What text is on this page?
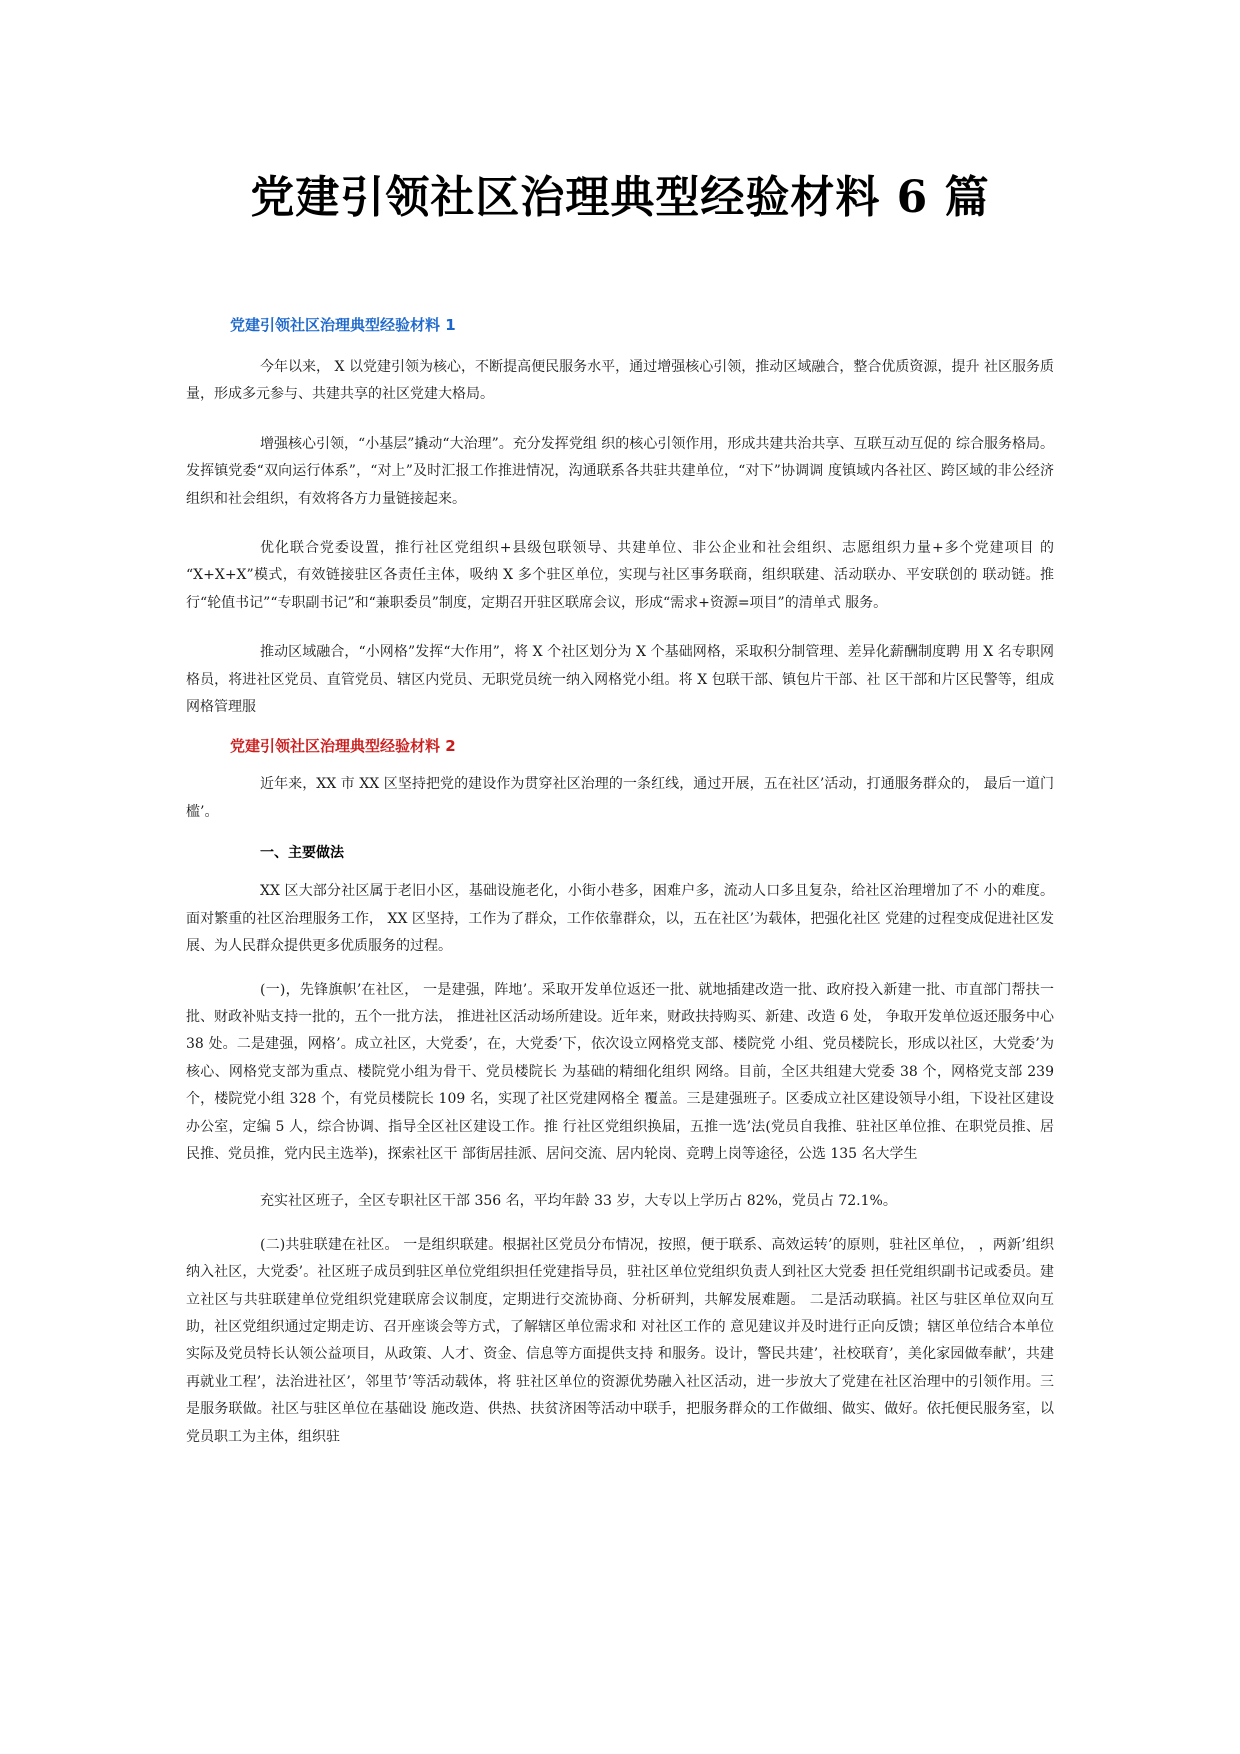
党建引领社区治理典型经验材料 6 篇
党建引领社区治理典型经验材料 1

今年以来， X 以党建引领为核心，不断提高便民服务水平，通过增强核心引领，推动区域融合，整合优质资源，提升 社区服务质量，形成多元参与、共建共享的社区党建大格局。

增强核心引领，“小基层”撬动“大治理”。充分发挥党组 织的核心引领作用，形成共建共治共享、互联互动互促的 综合服务格局。发挥镇党委“双向运行体系”，“对上”及时汇报工作推进情况，沟通联系各共驻共建单位，“对下”协调调 度镇域内各社区、跨区域的非公经济组织和社会组织，有效将各方力量链接起来。

优化联合党委设置，推行社区党组织+县级包联领导、共建单位、非公企业和社会组织、志愿组织力量+多个党建项目 的 “X+X+X”模式，有效链接驻区各责任主体，吸纳 X 多个驻区单位，实现与社区事务联商，组织联建、活动联办、平安联创的 联动链。推行“轮值书记”“专职副书记”和“兼职委员”制度，定期召开驻区联席会议，形成“需求+资源=项目”的清单式 服务。

推动区域融合，“小网格”发挥“大作用”，将 X 个社区划分为 X 个基础网格，采取积分制管理、差异化薪酬制度聘 用 X 名专职网格员，将进社区党员、直管党员、辖区内党员、无职党员统一纳入网格党小组。将 X 包联干部、镇包片干部、社 区干部和片区民警等，组成网格管理服

党建引领社区治理典型经验材料 2

近年来，XX 市 XX 区坚持把党的建设作为贯穿社区治理的一条红线，通过开展，五在社区’活动，打通服务群众的， 最后一道门槛’。

一、主要做法

XX 区大部分社区属于老旧小区，基础设施老化，小街小巷多，困难户多，流动人口多且复杂，给社区治理增加了不 小的难度。面对繁重的社区治理服务工作， XX 区坚持，工作为了群众，工作依靠群众，以，五在社区’为载体，把强化社区 党建的过程变成促进社区发展、为人民群众提供更多优质服务的过程。

(一)，先锋旗帜’在社区， 一是建强，阵地’。采取开发单位返还一批、就地插建改造一批、政府投入新建一批、市直部门帮扶一批、财政补贴支持一批的，五个一批方法， 推进社区活动场所建设。近年来，财政扶持购买、新建、改造 6 处， 争取开发单位返还服务中心 38 处。二是建强，网格’。成立社区，大党委’，在，大党委’下，依次设立网格党支部、楼院党 小组、党员楼院长，形成以社区，大党委’为核心、网格党支部为重点、楼院党小组为骨干、党员楼院长 为基础的精细化组织 网络。目前，全区共组建大党委 38 个，网格党支部 239 个，楼院党小组 328 个，有党员楼院长 109 名，实现了社区党建网格全 覆盖。三是建强班子。区委成立社区建设领导小组，下设社区建设办公室，定编 5 人，综合协调、指导全区社区建设工作。推 行社区党组织换届，五推一选’法(党员自我推、驻社区单位推、在职党员推、居民推、党员推，党内民主选举)，探索社区干 部街居挂派、居问交流、居内轮岗、竞聘上岗等途径，公选 135 名大学生

充实社区班子，全区专职社区干部 356 名，平均年龄 33 岁，大专以上学历占 82%，党员占 72.1%。

(二)共驻联建在社区。 一是组织联建。根据社区党员分布情况，按照，便于联系、高效运转’的原则，驻社区单位， ，两新’组织纳入社区，大党委’。社区班子成员到驻区单位党组织担任党建指导员，驻社区单位党组织负责人到社区大党委 担任党组织副书记或委员。建立社区与共驻联建单位党组织党建联席会议制度，定期进行交流协商、分析研判，共解发展难题。 二是活动联搞。社区与驻区单位双向互助，社区党组织通过定期走访、召开座谈会等方式，了解辖区单位需求和 对社区工作的 意见建议并及时进行正向反馈；辖区单位结合本单位实际及党员特长认领公益项目，从政策、人才、资金、信息等方面提供支持 和服务。设计，警民共建’，社校联育’，美化家园做奉献’，共建再就业工程’，法治进社区’，邻里节’等活动载体，将 驻社区单位的资源优势融入社区活动，进一步放大了党建在社区治理中的引领作用。三是服务联做。社区与驻区单位在基础设 施改造、供热、扶贫济困等活动中联手，把服务群众的工作做细、做实、做好。依托便民服务室，以党员职工为主体，组织驻
